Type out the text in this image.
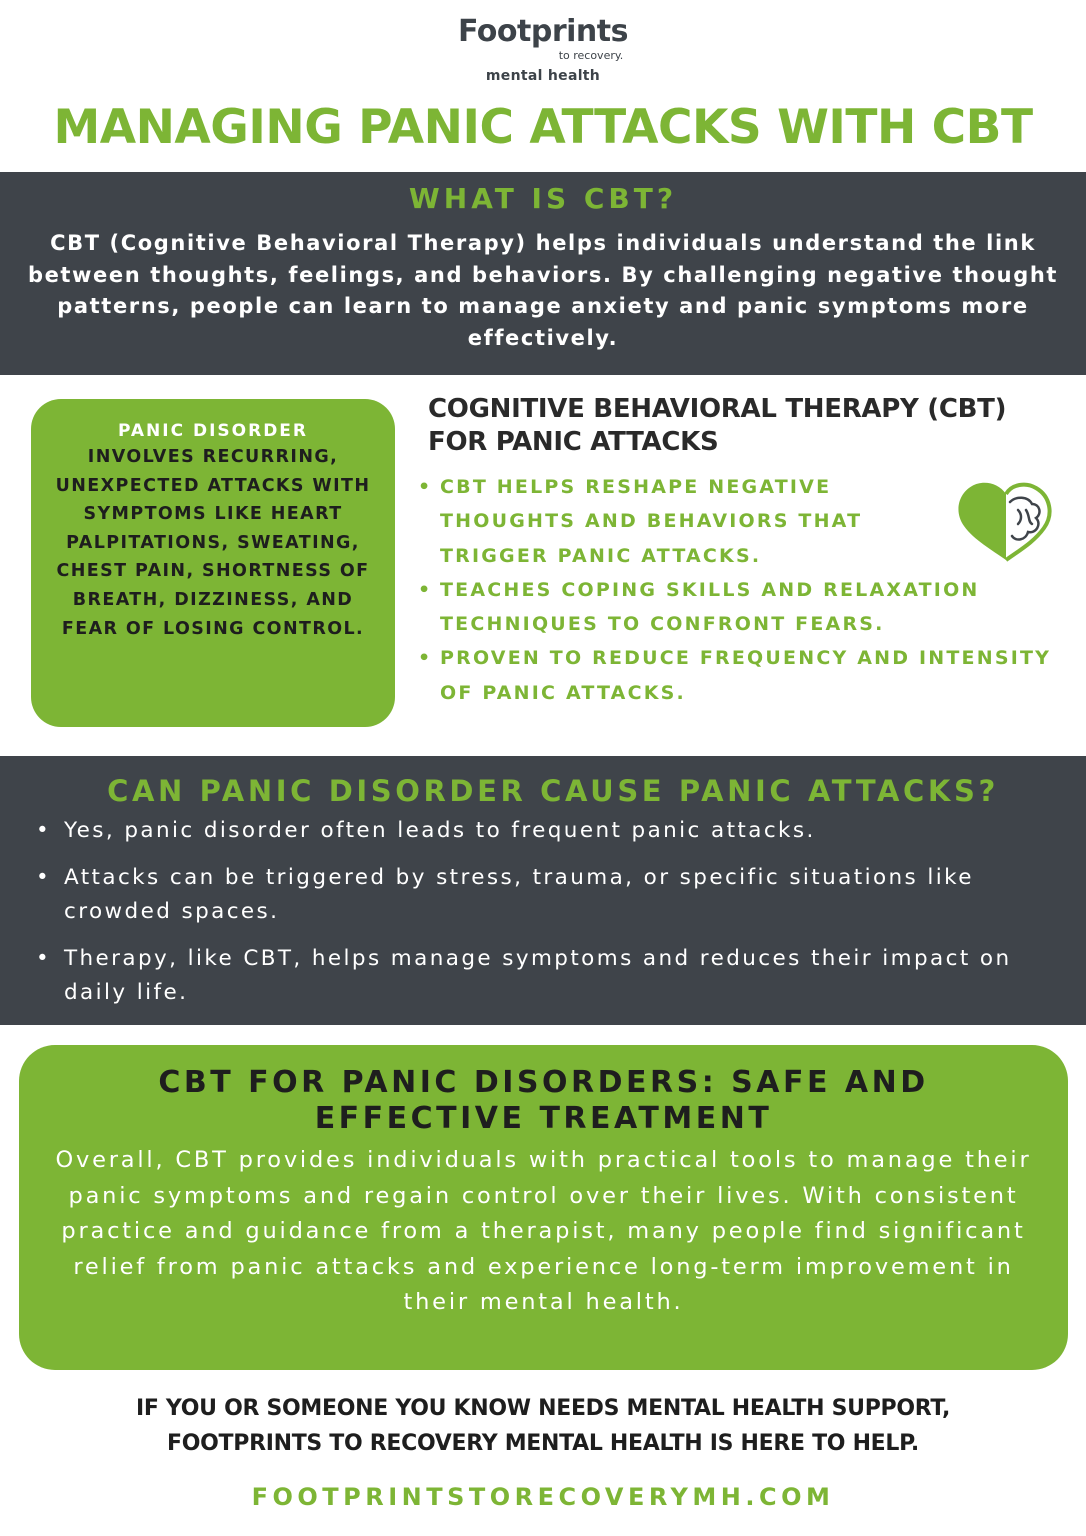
Footprints
to recovery.
mental health
MANAGING PANIC ATTACKS WITH CBT
WHAT IS CBT?

CBT (Cognitive Behavioral Therapy) helps individuals understand the link between thoughts, feelings, and behaviors. By challenging negative thought patterns, people can learn to manage anxiety and panic symptoms more effectively.

PANIC DISORDER
INVOLVES RECURRING, UNEXPECTED ATTACKS WITH SYMPTOMS LIKE HEART PALPITATIONS, SWEATING, CHEST PAIN, SHORTNESS OF BREATH, DIZZINESS, AND FEAR OF LOSING CONTROL.
COGNITIVE BEHAVIORAL THERAPY (CBT) FOR PANIC ATTACKS
• CBT HELPS RESHAPE NEGATIVE THOUGHTS AND BEHAVIORS THAT TRIGGER PANIC ATTACKS.
• TEACHES COPING SKILLS AND RELAXATION TECHNIQUES TO CONFRONT FEARS.
• PROVEN TO REDUCE FREQUENCY AND INTENSITY OF PANIC ATTACKS.
CAN PANIC DISORDER CAUSE PANIC ATTACKS?
• Yes, panic disorder often leads to frequent panic attacks.
• Attacks can be triggered by stress, trauma, or specific situations like crowded spaces.
• Therapy, like CBT, helps manage symptoms and reduces their impact on daily life.
CBT FOR PANIC DISORDERS: SAFE AND EFFECTIVE TREATMENT

Overall, CBT provides individuals with practical tools to manage their panic symptoms and regain control over their lives. With consistent practice and guidance from a therapist, many people find significant relief from panic attacks and experience long-term improvement in their mental health.

IF YOU OR SOMEONE YOU KNOW NEEDS MENTAL HEALTH SUPPORT,
FOOTPRINTS TO RECOVERY MENTAL HEALTH IS HERE TO HELP.
FOOTPRINTSTORECOVERYMH.COM
